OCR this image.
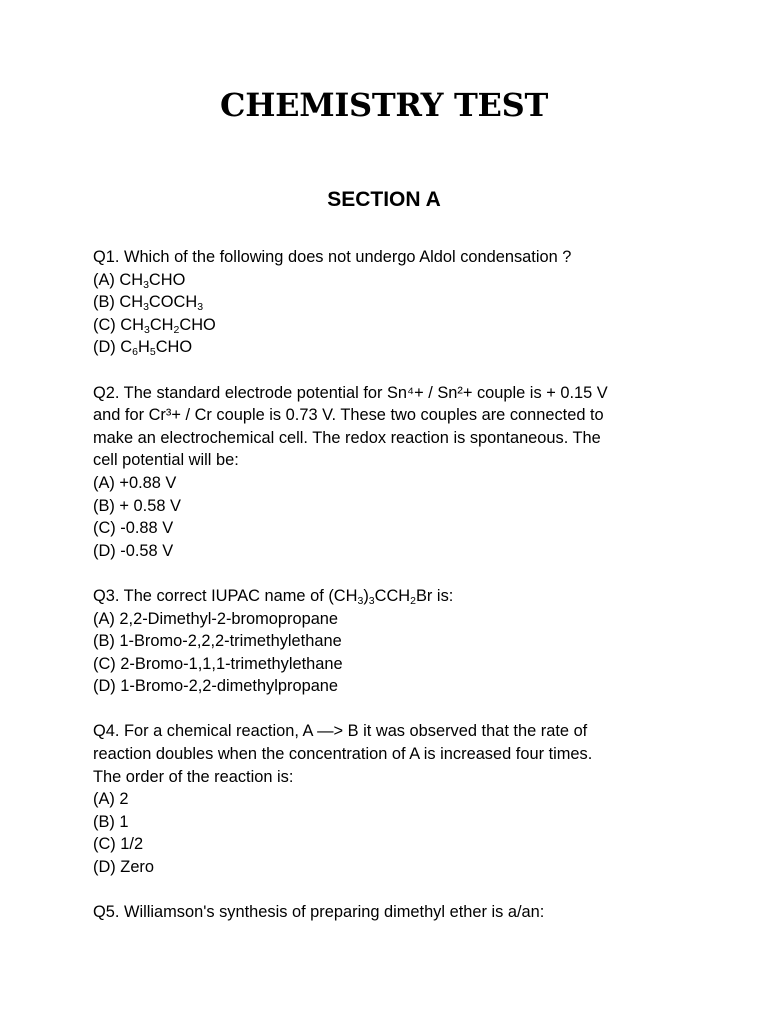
CHEMISTRY TEST
SECTION A
Q1. Which of the following does not undergo Aldol condensation ?
(A) $CH_3CHO$
(B) $CH_3COCH_3$
(C) $CH_3CH_2CHO$
(D) $C_6H_5CHO$
Q2. The standard electrode potential for Sn⁴+ / Sn²+ couple is + 0.15 V
and for Cr³+ / Cr couple is 0.73 V. These two couples are connected to
make an electrochemical cell. The redox reaction is spontaneous. The
cell potential will be:
(A) +0.88 V
(B) + 0.58 V
(C) -0.88 V
(D) -0.58 V
Q3. The correct IUPAC name of $(CH_3)_3CCH_2Br$ is:
(A) 2,2-Dimethyl-2-bromopropane
(B) 1-Bromo-2,2,2-trimethylethane
(C) 2-Bromo-1,1,1-trimethylethane
(D) 1-Bromo-2,2-dimethylpropane
Q4. For a chemical reaction, A —> B it was observed that the rate of
reaction doubles when the concentration of A is increased four times.
The order of the reaction is:
(A) 2
(B) 1
(C) 1/2
(D) Zero
Q5. Williamson's synthesis of preparing dimethyl ether is a/an:
